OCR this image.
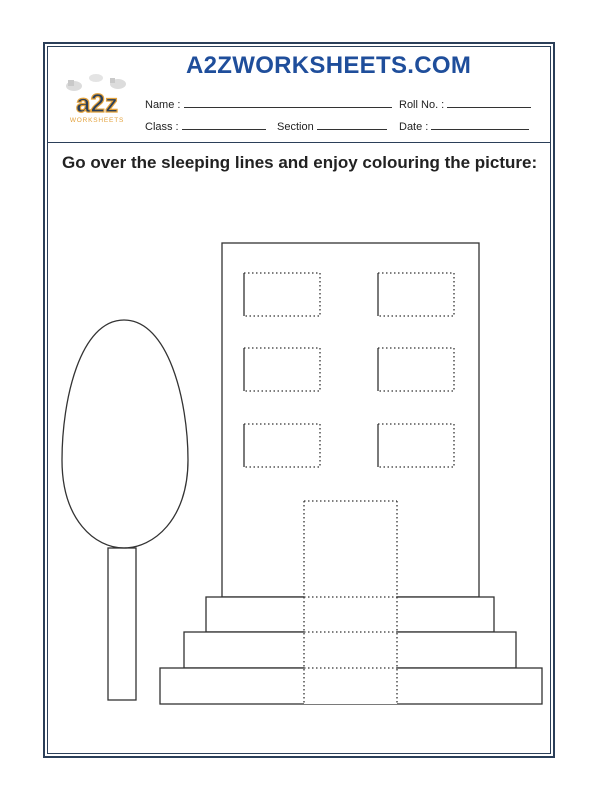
A2ZWORKSHEETS.COM
a2z
WORKSHEETS
Name :	Roll No. :
Class :	Section	Date :
Go over the sleeping lines and enjoy colouring the picture:
